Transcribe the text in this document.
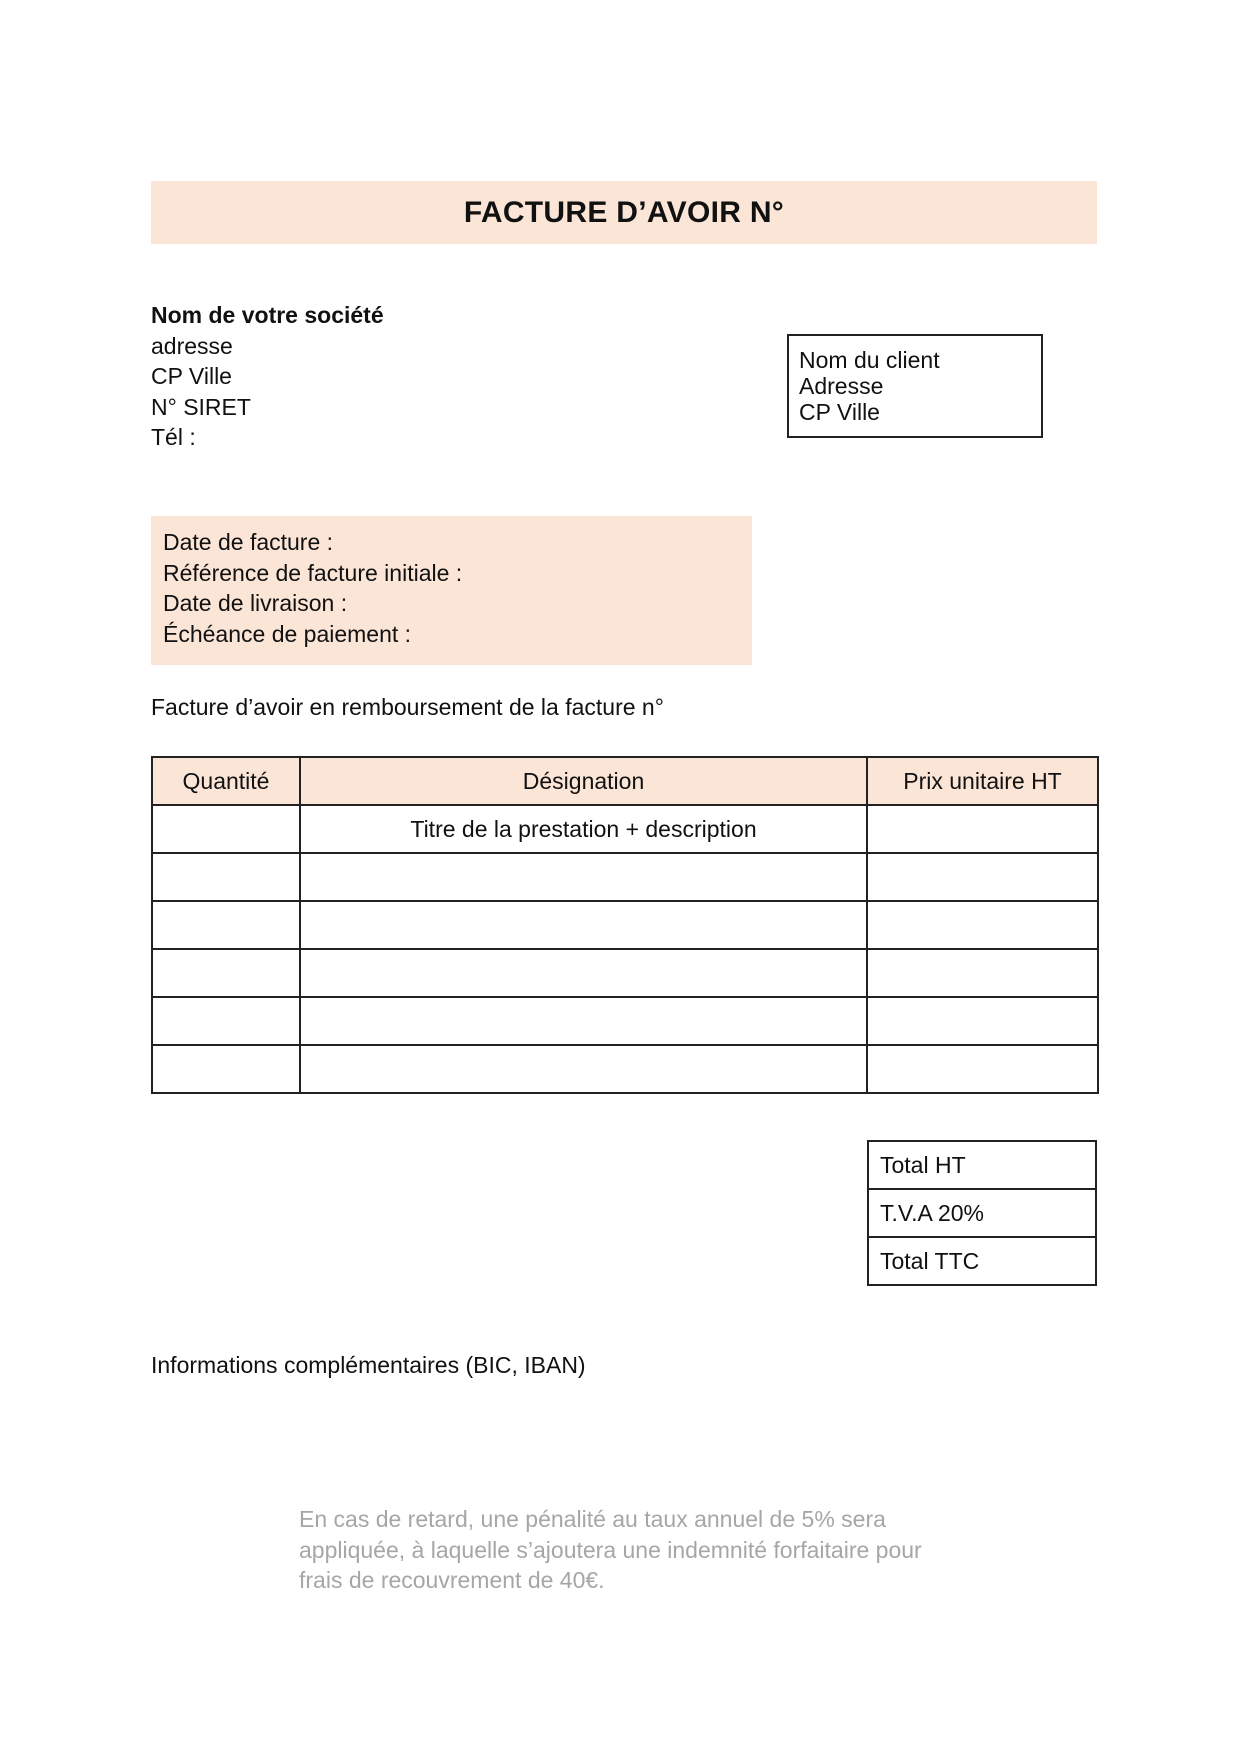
FACTURE D’AVOIR N°
Nom de votre société
adresse
CP Ville
N° SIRET
Tél :
Nom du client
Adresse
CP Ville
Date de facture :
Référence de facture initiale :
Date de livraison :
Échéance de paiement :
Facture d’avoir en remboursement de la facture n°
Quantité	Désignation	Prix unitaire HT
	Titre de la prestation + description	

Total HT
T.V.A 20%
Total TTC
Informations complémentaires (BIC, IBAN)
En cas de retard, une pénalité au taux annuel de 5% sera appliquée, à laquelle s’ajoutera une indemnité forfaitaire pour frais de recouvrement de 40€.
